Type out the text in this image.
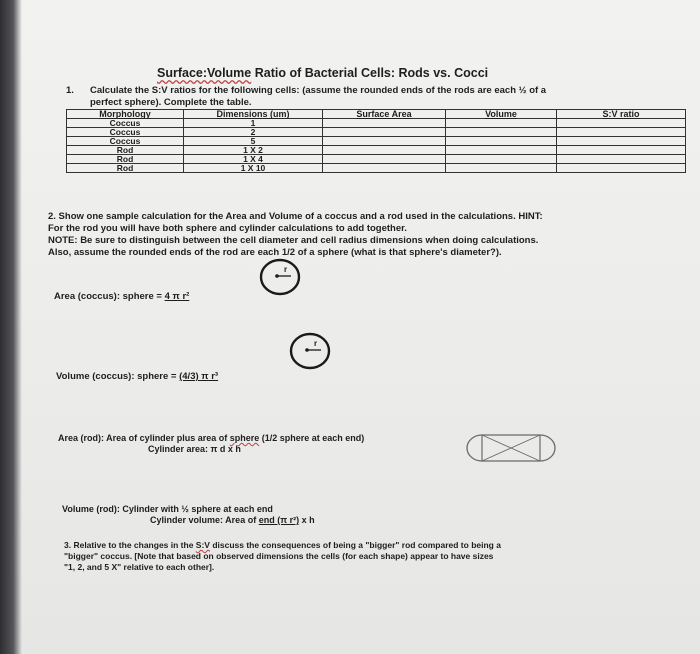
Surface:Volume Ratio of Bacterial Cells: Rods vs. Cocci
1. Calculate the S:V ratios for the following cells: (assume the rounded ends of the rods are each ½ of a
perfect sphere). Complete the table.
Morphology	Dimensions (um)	Surface Area	Volume	S:V ratio
Coccus	1			
Coccus	2			
Coccus	5			
Rod	1 X 2			
Rod	1 X 4			
Rod	1 X 10			
2. Show one sample calculation for the Area and Volume of a coccus and a rod used in the calculations. HINT:
For the rod you will have both sphere and cylinder calculations to add together.
NOTE: Be sure to distinguish between the cell diameter and cell radius dimensions when doing calculations.
Also, assume the rounded ends of the rod are each 1/2 of a sphere (what is that sphere's diameter?).
r
Area (coccus): sphere = 4 π r²
r
Volume (coccus): sphere = (4/3) π r³
Area (rod): Area of cylinder plus area of sphere (1/2 sphere at each end)
Cylinder area: π d x h
Volume (rod): Cylinder with ½ sphere at each end
Cylinder volume: Area of end (π r²) x h
3. Relative to the changes in the S:V discuss the consequences of being a "bigger" rod compared to being a
"bigger" coccus. [Note that based on observed dimensions the cells (for each shape) appear to have sizes
"1, 2, and 5 X" relative to each other].
